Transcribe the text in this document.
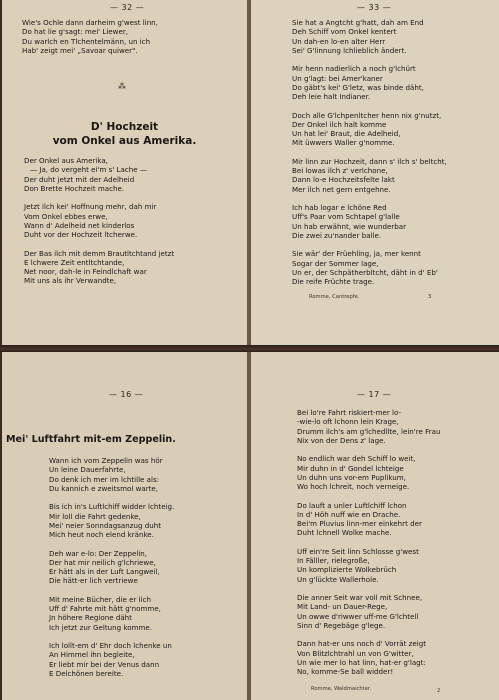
— 32 —
Wie's Ochle dann darheim g'west linn,
Do hat lie g'sagt: mei' Liewer,
Du warlch en Tlchentelmänn, un ich
Hab' zeigt mei' „Savoar quiwer".
⁂
D' Hochzeit
vom Onkel aus Amerika.
Der Onkel aus Amerika,
— Ja, do vergeht ei'm s' Lache —
Der duht jetzt mit der Adelheid
Don Brette Hochzeit mache.
Jetzt ilch kei' Hoffnung mehr, dah mir
Vom Onkel ebbes erwe,
Wann d' Adelheid net kinderlos
Duht vor der Hochzeit ltcherwe.
Der Bas ilch mit demm Brautltchtand jetzt
E lchwere Zeit entltchtande,
Net noor, dah-le in Feindlchaft war
Mit uns als ihr Verwandte,
— 33 —
Sie hat a Angtcht g'hatt, dah am End
Deh Schiff vom Onkel kentert
Un dah-en lo-en alter Herr
Sei' G'linnung lchlieblich ändert.
Mir henn nadierlich a noch g'lchürt
Un g'lagt: bei Amer'kaner
Do gäbt's kei' G'letz, was binde däht,
Deh leie halt Indianer.
Doch alle G'lchpenltcher henn nix g'nutzt,
Der Onkel ilch halt komme
Un hat lei' Braut, die Adelheid,
Mit üwwers Waller g'nomme.
Mir linn zur Hochzeit, dann s' ilch s' beltcht,
Bei lowas ilch z' verlchone,
Dann lo-e Hochzeitsfelte lakt
Mer ilch net gern entgehne.
Ich hab logar e lchöne Red
Uff's Paar vom Schtapel g'lalle
Un hab erwähnt, wie wunderbar
Die zwei zu'nander balle.
Sie wär' der Früehling, ja, mer kennt
Sogar der Sommer lage,
Un er, der Schpätherbltcht, däht in d' Eb'
Die reife Früchte trage.
Romme, Cantrepfe.	3
— 16 —
Mei' Luftfahrt mit-em Zeppelin.
Wann ich vom Zeppelin was hör
Un leine Dauerfahrte,
Do denk ich mer im lchtille als:
Du kannich e zweitsmol warte,
Bis ich in's Luftlchiff widder lchteig.
Mir loll die Fahrt gedenke,
Mei' neier Sonndagsanzug duht
Mich heut noch elend kränke.
Deh war e-lo: Der Zeppelin,
Der hat mir neilich g'lchriewe,
Er hätt als in der Luft Langweil,
Die hätt-er lich vertriewe
Mit meine Bücher, die er lich
Uff d' Fahrte mit hätt g'nomme,
Jn höhere Regione däht
Ich jetzt zur Geltung komme.
Ich lollt-em d' Ehr doch lchenke un
An Himmel ihn begleite,
Er liebt mir bei der Venus dann
E Delchönen bereite.
— 17 —
Bei lo're Fahrt riskiert-mer lo-
-wie-lo oft lchonn lein Krage,
Drumm ilch's am g'lchedllte, lein're Frau
Nix von der Dens z' lage.
No endlich war deh Schiff lo weit,
Mir duhn in d' Gondel lchteige
Un duhn uns vor-em Puplikum,
Wo hoch lchreit, noch verneige.
Do lauft a unler Luftlchiff lchon
In d' Höh nuff wie en Drache.
Bei'm Pluvius linn-mer einkehrt der
Duht lchnell Wolke mache.
Uff ein're Seit linn Schlosse g'west
In Fälller, rielegroße,
Un komplizierte Wolkebrüch
Un g'lückte Wallerhole.
Die anner Seit war voll mit Schnee,
Mit Land- un Dauer-Rege,
Un owwe d'riwwer uff-me G'lchtell
Sinn d' Regebäge g'lege.
Dann hat-er uns noch d' Vorrät zeigt
Von Blitzlchtrahl un von G'witter,
Un wie mer lo hat linn, hat-er g'lagt:
No, komme-Se ball widder!
Romme, Waldmaichter.	2
